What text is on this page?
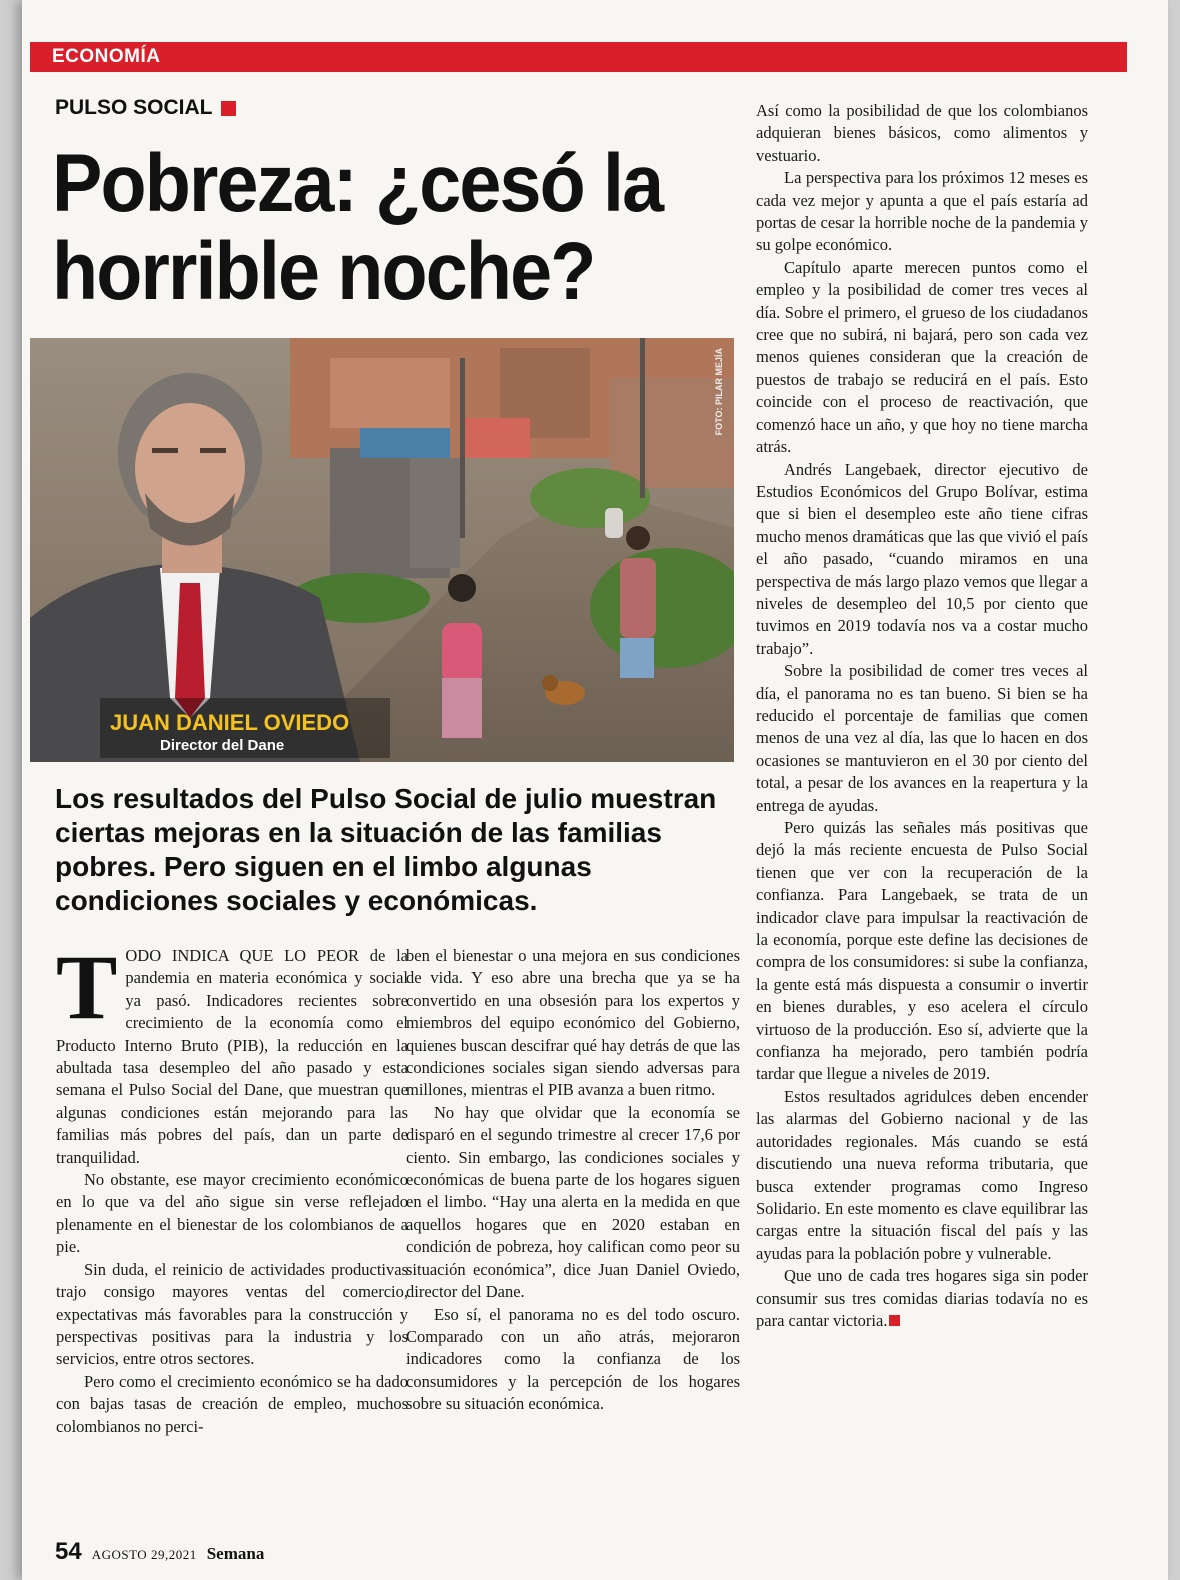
ECONOMÍA
PULSO SOCIAL
Pobreza: ¿cesó la
horrible noche?
FOTO: PILAR MEJÍA
JUAN DANIEL OVIEDO
Director del Dane

Los resultados del Pulso Social de julio muestran ciertas mejoras en la situación de las familias pobres. Pero siguen en el limbo algunas condiciones sociales y económicas.

TODO INDICA QUE LO PEOR de la pandemia en materia económica y social ya pasó. Indicadores recientes sobre crecimiento de la economía como el Producto Interno Bruto (PIB), la reducción en la abultada tasa desempleo del año pasado y esta semana el Pulso Social del Dane, que muestran que algunas condiciones están mejorando para las familias más pobres del país, dan un parte de tranquilidad.

No obstante, ese mayor crecimiento económico en lo que va del año sigue sin verse reflejado plenamente en el bienestar de los colombianos de a pie.

Sin duda, el reinicio de actividades productivas trajo consigo mayores ventas del comercio, expectativas más favorables para la construcción y perspectivas positivas para la industria y los servicios, entre otros sectores.

Pero como el crecimiento económico se ha dado con bajas tasas de creación de empleo, muchos colombianos no perci-

ben el bienestar o una mejora en sus condiciones de vida. Y eso abre una brecha que ya se ha convertido en una obsesión para los expertos y miembros del equipo económico del Gobierno, quienes buscan descifrar qué hay detrás de que las condiciones sociales sigan siendo adversas para millones, mientras el PIB avanza a buen ritmo.

No hay que olvidar que la economía se disparó en el segundo trimestre al crecer 17,6 por ciento. Sin embargo, las condiciones sociales y económicas de buena parte de los hogares siguen en el limbo. “Hay una alerta en la medida en que aquellos hogares que en 2020 estaban en condición de pobreza, hoy califican como peor su situación económica”, dice Juan Daniel Oviedo, director del Dane.

Eso sí, el panorama no es del todo oscuro. Comparado con un año atrás, mejoraron indicadores como la confianza de los consumidores y la percepción de los hogares sobre su situación económica.

Así como la posibilidad de que los colombianos adquieran bienes básicos, como alimentos y vestuario.

La perspectiva para los próximos 12 meses es cada vez mejor y apunta a que el país estaría ad portas de cesar la horrible noche de la pandemia y su golpe económico.

Capítulo aparte merecen puntos como el empleo y la posibilidad de comer tres veces al día. Sobre el primero, el grueso de los ciudadanos cree que no subirá, ni bajará, pero son cada vez menos quienes consideran que la creación de puestos de trabajo se reducirá en el país. Esto coincide con el proceso de reactivación, que comenzó hace un año, y que hoy no tiene marcha atrás.

Andrés Langebaek, director ejecutivo de Estudios Económicos del Grupo Bolívar, estima que si bien el desempleo este año tiene cifras mucho menos dramáticas que las que vivió el país el año pasado, “cuando miramos en una perspectiva de más largo plazo vemos que llegar a niveles de desempleo del 10,5 por ciento que tuvimos en 2019 todavía nos va a costar mucho trabajo”.

Sobre la posibilidad de comer tres veces al día, el panorama no es tan bueno. Si bien se ha reducido el porcentaje de familias que comen menos de una vez al día, las que lo hacen en dos ocasiones se mantuvieron en el 30 por ciento del total, a pesar de los avances en la reapertura y la entrega de ayudas.

Pero quizás las señales más positivas que dejó la más reciente encuesta de Pulso Social tienen que ver con la recuperación de la confianza. Para Langebaek, se trata de un indicador clave para impulsar la reactivación de la economía, porque este define las decisiones de compra de los consumidores: si sube la confianza, la gente está más dispuesta a consumir o invertir en bienes durables, y eso acelera el círculo virtuoso de la producción. Eso sí, advierte que la confianza ha mejorado, pero también podría tardar que llegue a niveles de 2019.

Estos resultados agridulces deben encender las alarmas del Gobierno nacional y de las autoridades regionales. Más cuando se está discutiendo una nueva reforma tributaria, que busca extender programas como Ingreso Solidario. En este momento es clave equilibrar las cargas entre la situación fiscal del país y las ayudas para la población pobre y vulnerable.

Que uno de cada tres hogares siga sin poder consumir sus tres comidas diarias todavía no es para cantar victoria.

54 AGOSTO 29,2021 Semana
